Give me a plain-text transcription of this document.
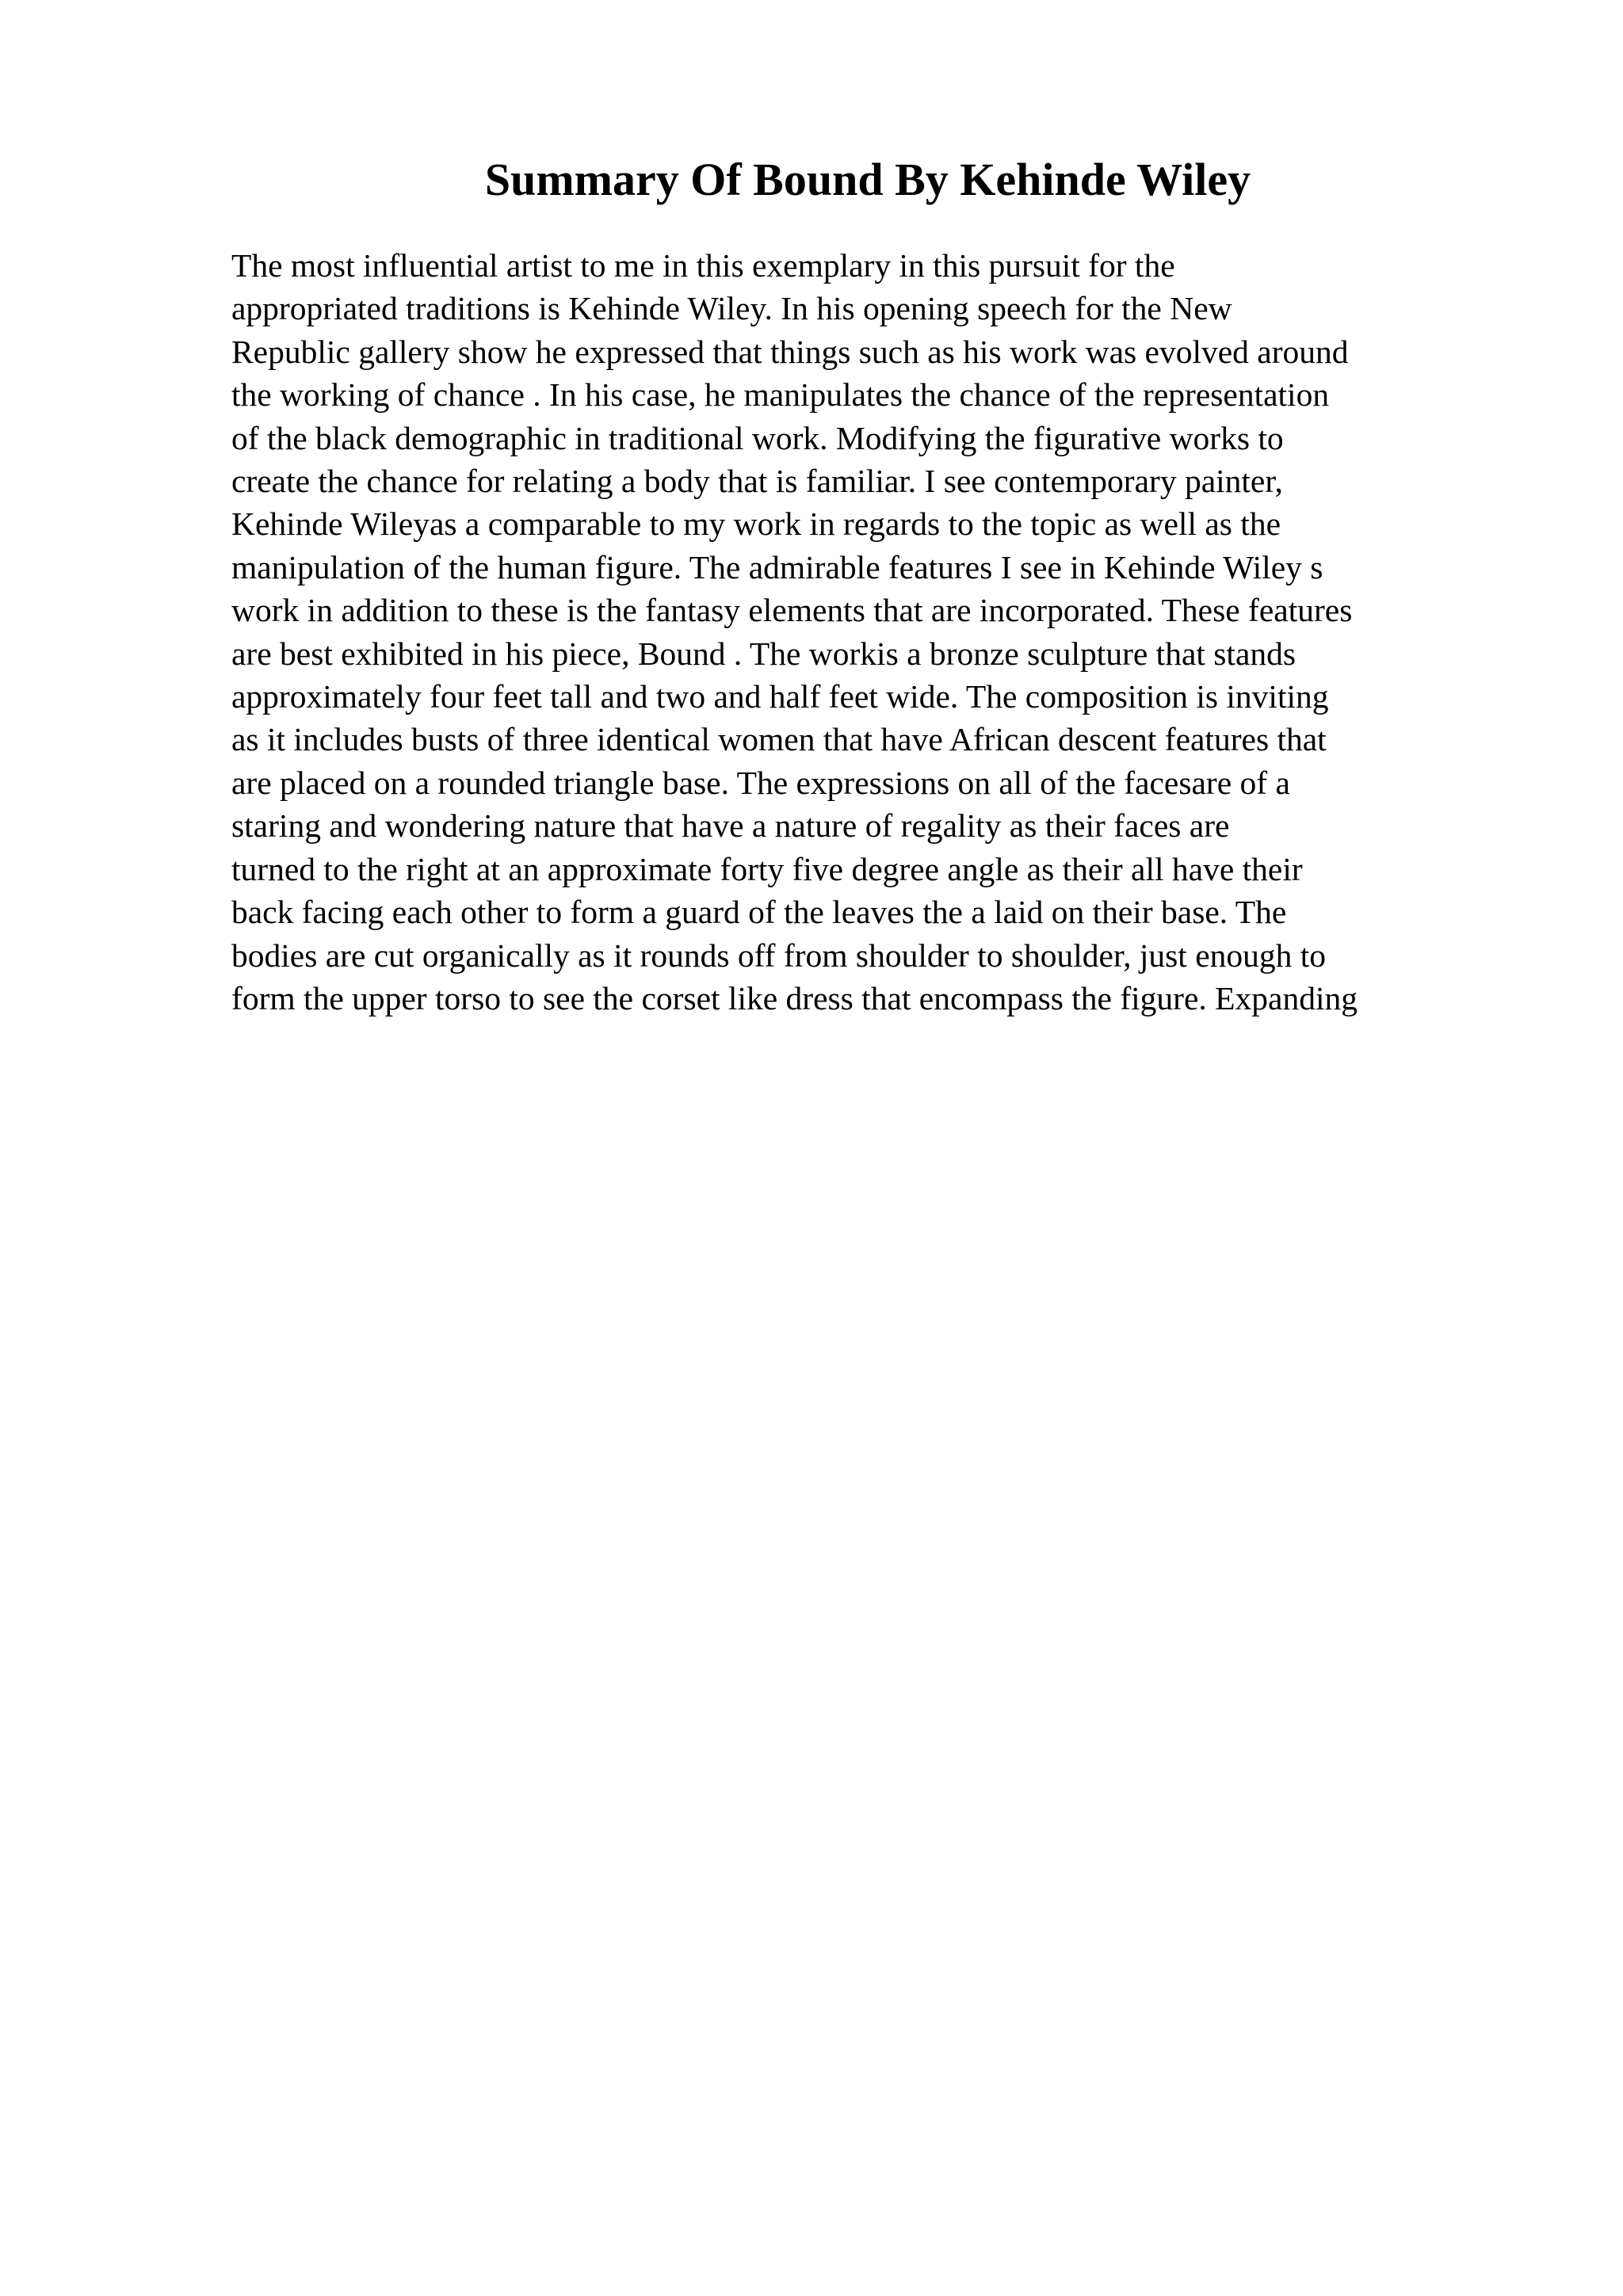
Summary Of Bound By Kehinde Wiley
The most influential artist to me in this exemplary in this pursuit for the
appropriated traditions is Kehinde Wiley. In his opening speech for the New
Republic gallery show he expressed that things such as his work was evolved around
the working of chance . In his case, he manipulates the chance of the representation
of the black demographic in traditional work. Modifying the figurative works to
create the chance for relating a body that is familiar. I see contemporary painter,
Kehinde Wileyas a comparable to my work in regards to the topic as well as the
manipulation of the human figure. The admirable features I see in Kehinde Wiley s
work in addition to these is the fantasy elements that are incorporated. These features
are best exhibited in his piece, Bound . The workis a bronze sculpture that stands
approximately four feet tall and two and half feet wide. The composition is inviting
as it includes busts of three identical women that have African descent features that
are placed on a rounded triangle base. The expressions on all of the facesare of a
staring and wondering nature that have a nature of regality as their faces are
turned to the right at an approximate forty five degree angle as their all have their
back facing each other to form a guard of the leaves the a laid on their base. The
bodies are cut organically as it rounds off from shoulder to shoulder, just enough to
form the upper torso to see the corset like dress that encompass the figure. Expanding
